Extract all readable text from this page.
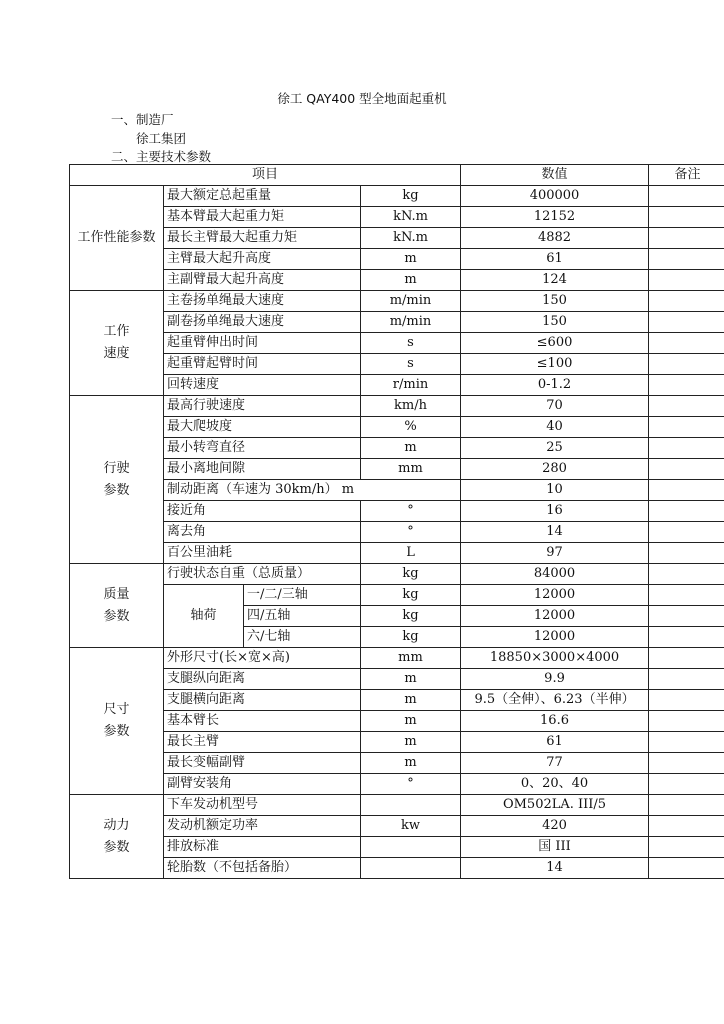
徐工 QAY400 型全地面起重机
一、制造厂
徐工集团
二、主要技术参数
项目				数值	备注
工作性能参数	最大额定总起重量		kg	400000	
	基本臂最大起重力矩		kN.m	12152	
	最长主臂最大起重力矩		kN.m	4882	
	主臂最大起升高度		m	61	
	主副臂最大起升高度		m	124	
工作
速度	主卷扬单绳最大速度		m/min	150	
	副卷扬单绳最大速度		m/min	150	
	起重臂伸出时间		s	≤600	
	起重臂起臂时间		s	≤100	
	回转速度		r/min	0-1.2	
行驶
参数	最高行驶速度		km/h	70	
	最大爬坡度		%	40	
	最小转弯直径		m	25	
	最小离地间隙		mm	280	
	制动距离（车速为 30km/h） m			10	
	接近角		°	16	
	离去角		°	14	
	百公里油耗		L	97	
质量
参数	行驶状态自重（总质量）		kg	84000	
	轴荷	一/二/三轴	kg	12000	
		四/五轴	kg	12000	
		六/七轴	kg	12000	
尺寸
参数	外形尺寸(长×宽×高)		mm	18850×3000×4000	
	支腿纵向距离		m	9.9	
	支腿横向距离		m	9.5（全伸）、6.23（半伸）	
	基本臂长		m	16.6	
	最长主臂		m	61	
	最长变幅副臂		m	77	
	副臂安装角		°	0、20、40	
动力
参数	下车发动机型号			OM502LA. III/5	
	发动机额定功率		kw	420	
	排放标准			国 III	
	轮胎数（不包括备胎）			14	
